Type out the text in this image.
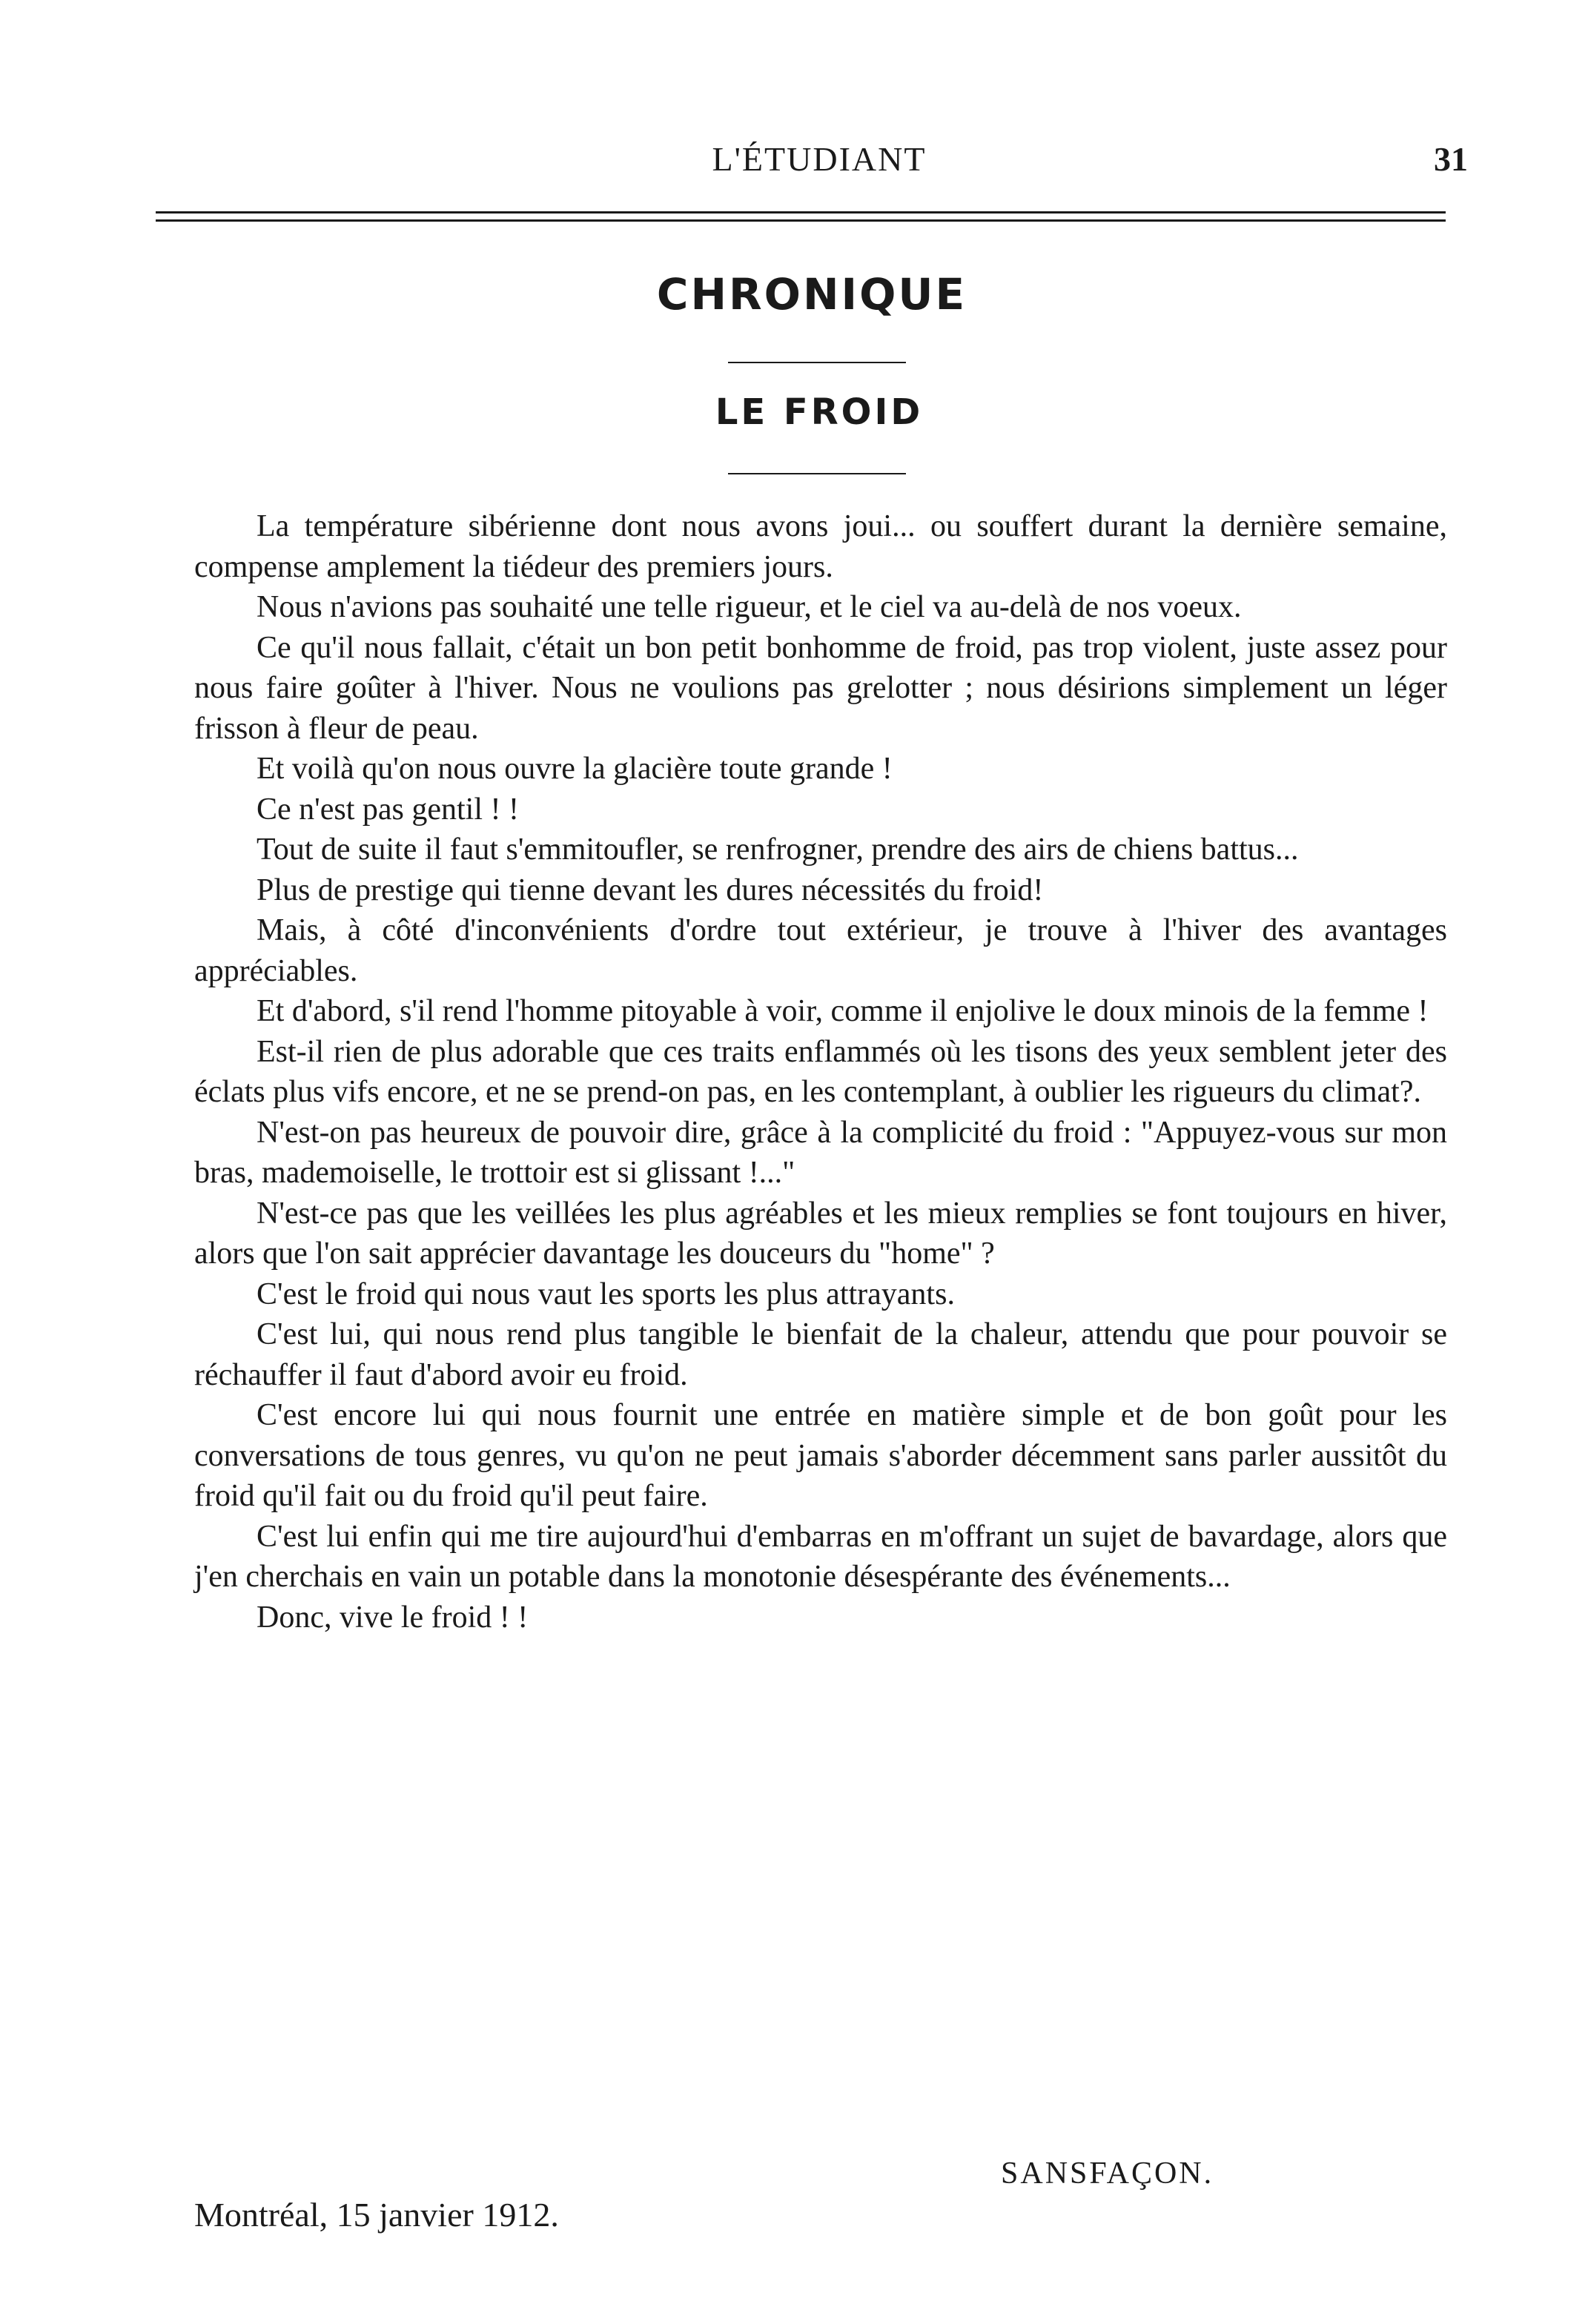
L'ÉTUDIANT	31
CHRONIQUE
LE FROID

La température sibérienne dont nous avons joui... ou souffert durant la dernière semaine, compense amplement la tiédeur des premiers jours.

Nous n'avions pas souhaité une telle rigueur, et le ciel va au-delà de nos voeux.

Ce qu'il nous fallait, c'était un bon petit bonhomme de froid, pas trop violent, juste assez pour nous faire goûter à l'hiver. Nous ne voulions pas grelotter ; nous désirions simplement un léger frisson à fleur de peau.

Et voilà qu'on nous ouvre la glacière toute grande !

Ce n'est pas gentil ! !

Tout de suite il faut s'emmitoufler, se renfrogner, prendre des airs de chiens battus...

Plus de prestige qui tienne devant les dures nécessités du froid!

Mais, à côté d'inconvénients d'ordre tout extérieur, je trouve à l'hiver des avantages appréciables.

Et d'abord, s'il rend l'homme pitoyable à voir, comme il enjolive le doux minois de la femme !

Est-il rien de plus adorable que ces traits enflammés où les tisons des yeux semblent jeter des éclats plus vifs encore, et ne se prend-on pas, en les contemplant, à oublier les rigueurs du climat?.

N'est-on pas heureux de pouvoir dire, grâce à la complicité du froid : "Appuyez-vous sur mon bras, mademoiselle, le trottoir est si glissant !..."

N'est-ce pas que les veillées les plus agréables et les mieux remplies se font toujours en hiver, alors que l'on sait apprécier davantage les douceurs du "home" ?

C'est le froid qui nous vaut les sports les plus attrayants.

C'est lui, qui nous rend plus tangible le bienfait de la chaleur, attendu que pour pouvoir se réchauffer il faut d'abord avoir eu froid.

C'est encore lui qui nous fournit une entrée en matière simple et de bon goût pour les conversations de tous genres, vu qu'on ne peut jamais s'aborder décemment sans parler aussitôt du froid qu'il fait ou du froid qu'il peut faire.

C'est lui enfin qui me tire aujourd'hui d'embarras en m'offrant un sujet de bavardage, alors que j'en cherchais en vain un potable dans la monotonie désespérante des événements...

Donc, vive le froid ! !

SANSFAÇON.
Montréal, 15 janvier 1912.
